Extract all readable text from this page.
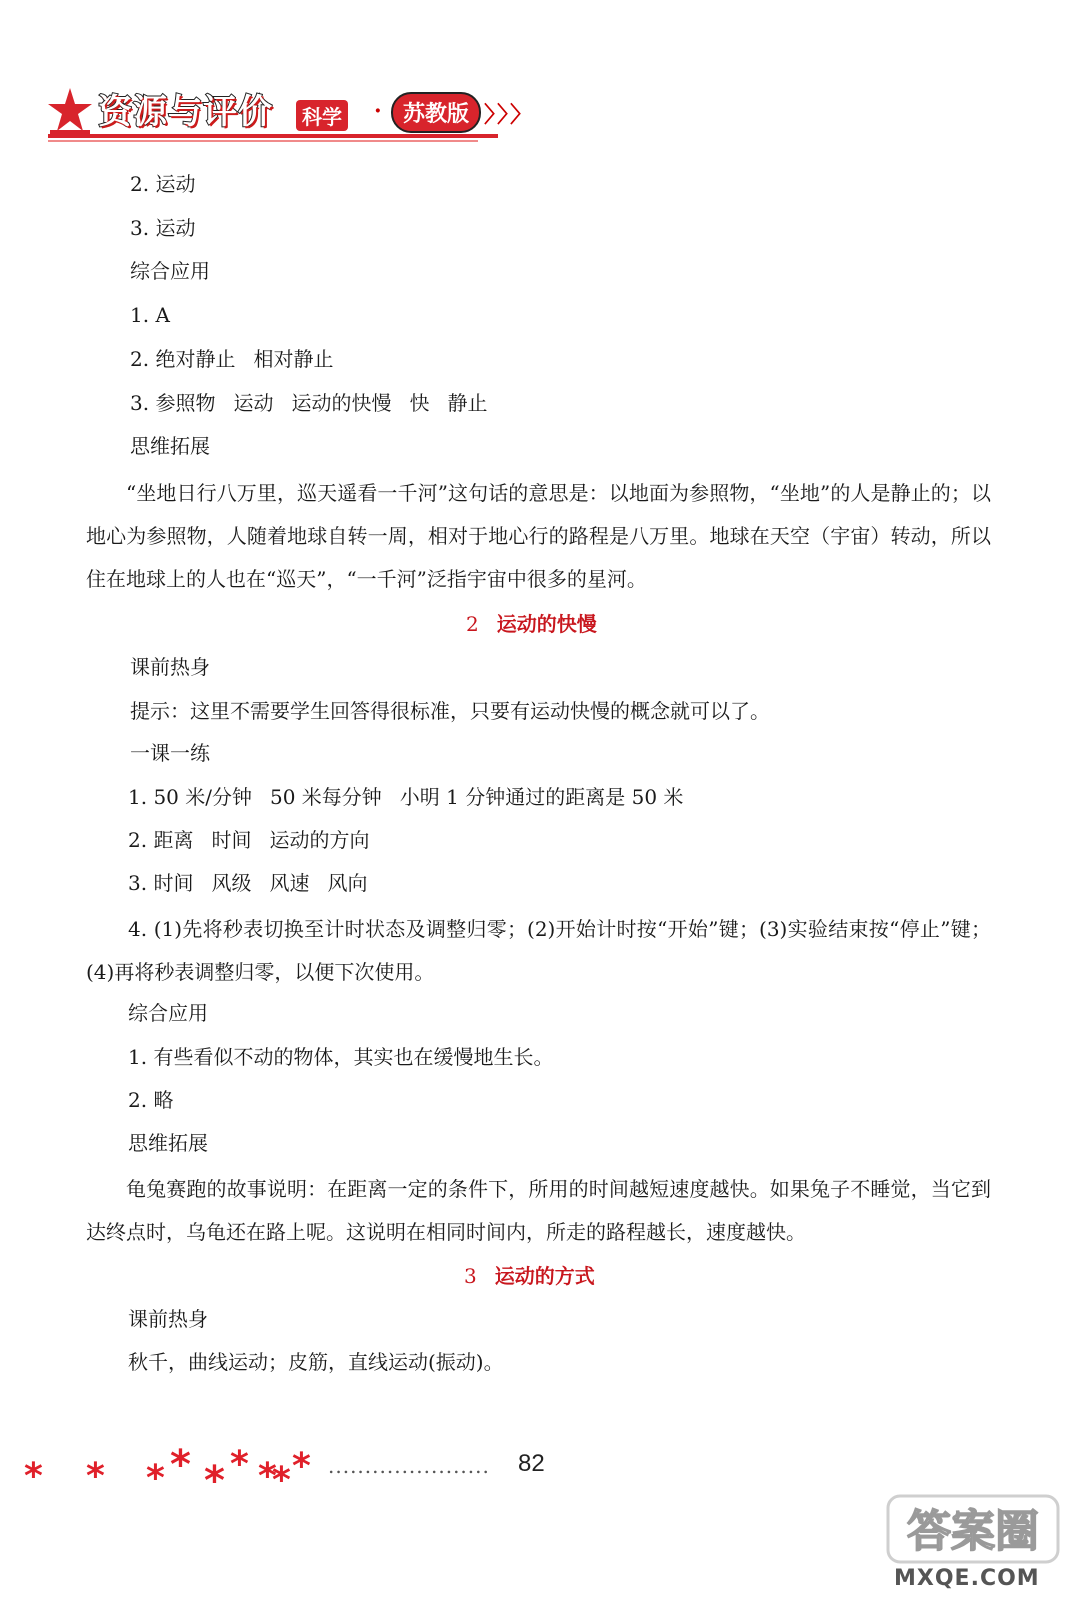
资源与评价	科学 · 苏教版 〉〉〉
2. 运动
3. 运动
综合应用
1. A
2. 绝对静止 相对静止
3. 参照物 运动 运动的快慢 快 静止
思维拓展
“坐地日行八万里，巡天遥看一千河”这句话的意思是：以地面为参照物，“坐地”的人是静止的；以地心为参照物，人随着地球自转一周，相对于地心行的路程是八万里。地球在天空（宇宙）转动，所以住在地球上的人也在“巡天”，“一千河”泛指宇宙中很多的星河。
2 运动的快慢
课前热身
提示：这里不需要学生回答得很标准，只要有运动快慢的概念就可以了。
一课一练
1. 50 米/分钟 50 米每分钟 小明 1 分钟通过的距离是 50 米
2. 距离 时间 运动的方向
3. 时间 风级 风速 风向
4. (1)先将秒表切换至计时状态及调整归零；(2)开始计时按“开始”键；(3)实验结束按“停止”键；(4)再将秒表调整归零，以便下次使用。
综合应用
1. 有些看似不动的物体，其实也在缓慢地生长。
2. 略
思维拓展
龟兔赛跑的故事说明：在距离一定的条件下，所用的时间越短速度越快。如果兔子不睡觉，当它到达终点时，乌龟还在路上呢。这说明在相同时间内，所走的路程越长，速度越快。
3 运动的方式
课前热身
秋千，曲线运动；皮筋，直线运动(振动)。
* * * * * * *
* * ...................... 82
答案圈
MXQE.COM
